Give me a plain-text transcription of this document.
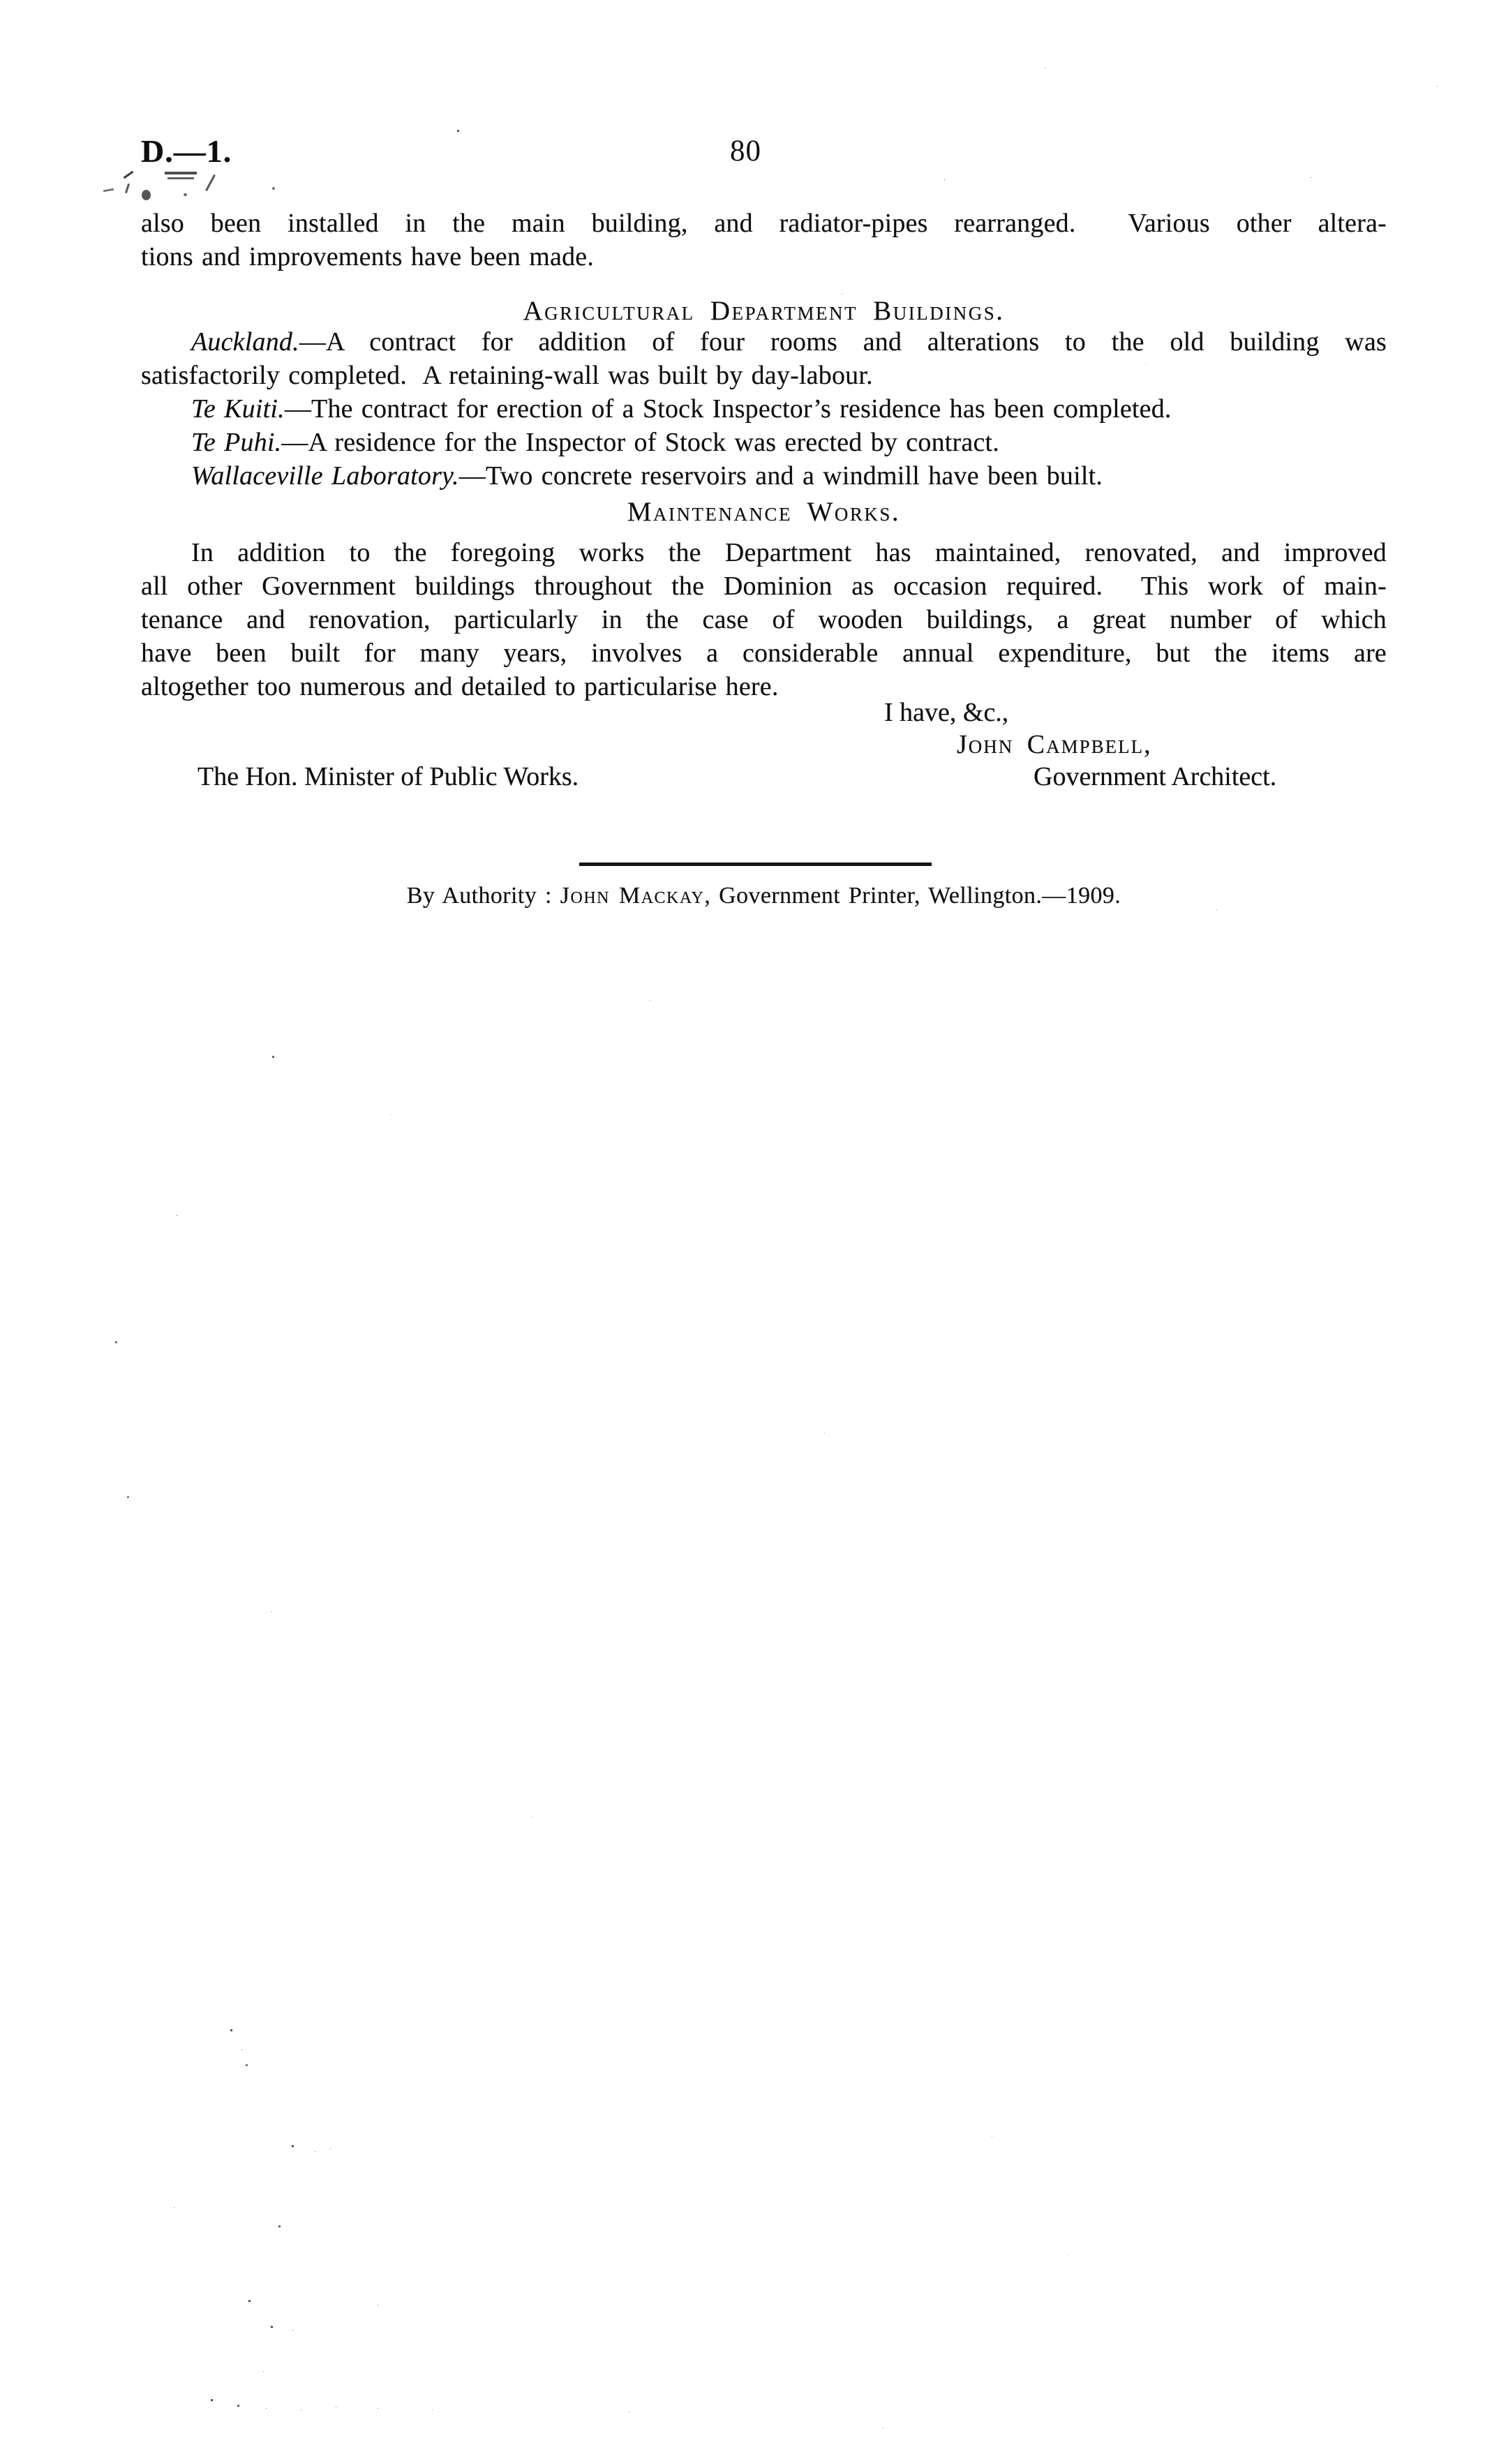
D.—1.	80
also been installed in the main building, and radiator-pipes rearranged.  Various other altera-
tions and improvements have been made.
Agricultural Department Buildings.
Auckland.—A contract for addition of four rooms and alterations to the old building was
satisfactorily completed.  A retaining-wall was built by day-labour.
Te Kuiti.—The contract for erection of a Stock Inspector’s residence has been completed.
Te Puhi.—A residence for the Inspector of Stock was erected by contract.
Wallaceville Laboratory.—Two concrete reservoirs and a windmill have been built.
Maintenance Works.
In addition to the foregoing works the Department has maintained, renovated, and improved
all other Government buildings throughout the Dominion as occasion required.  This work of main-
tenance and renovation, particularly in the case of wooden buildings, a great number of which
have been built for many years, involves a considerable annual expenditure, but the items are
altogether too numerous and detailed to particularise here.
I have, &c.,
John Campbell,
The Hon. Minister of Public Works.	Government Architect.
By Authority : John Mackay, Government Printer, Wellington.—1909.
